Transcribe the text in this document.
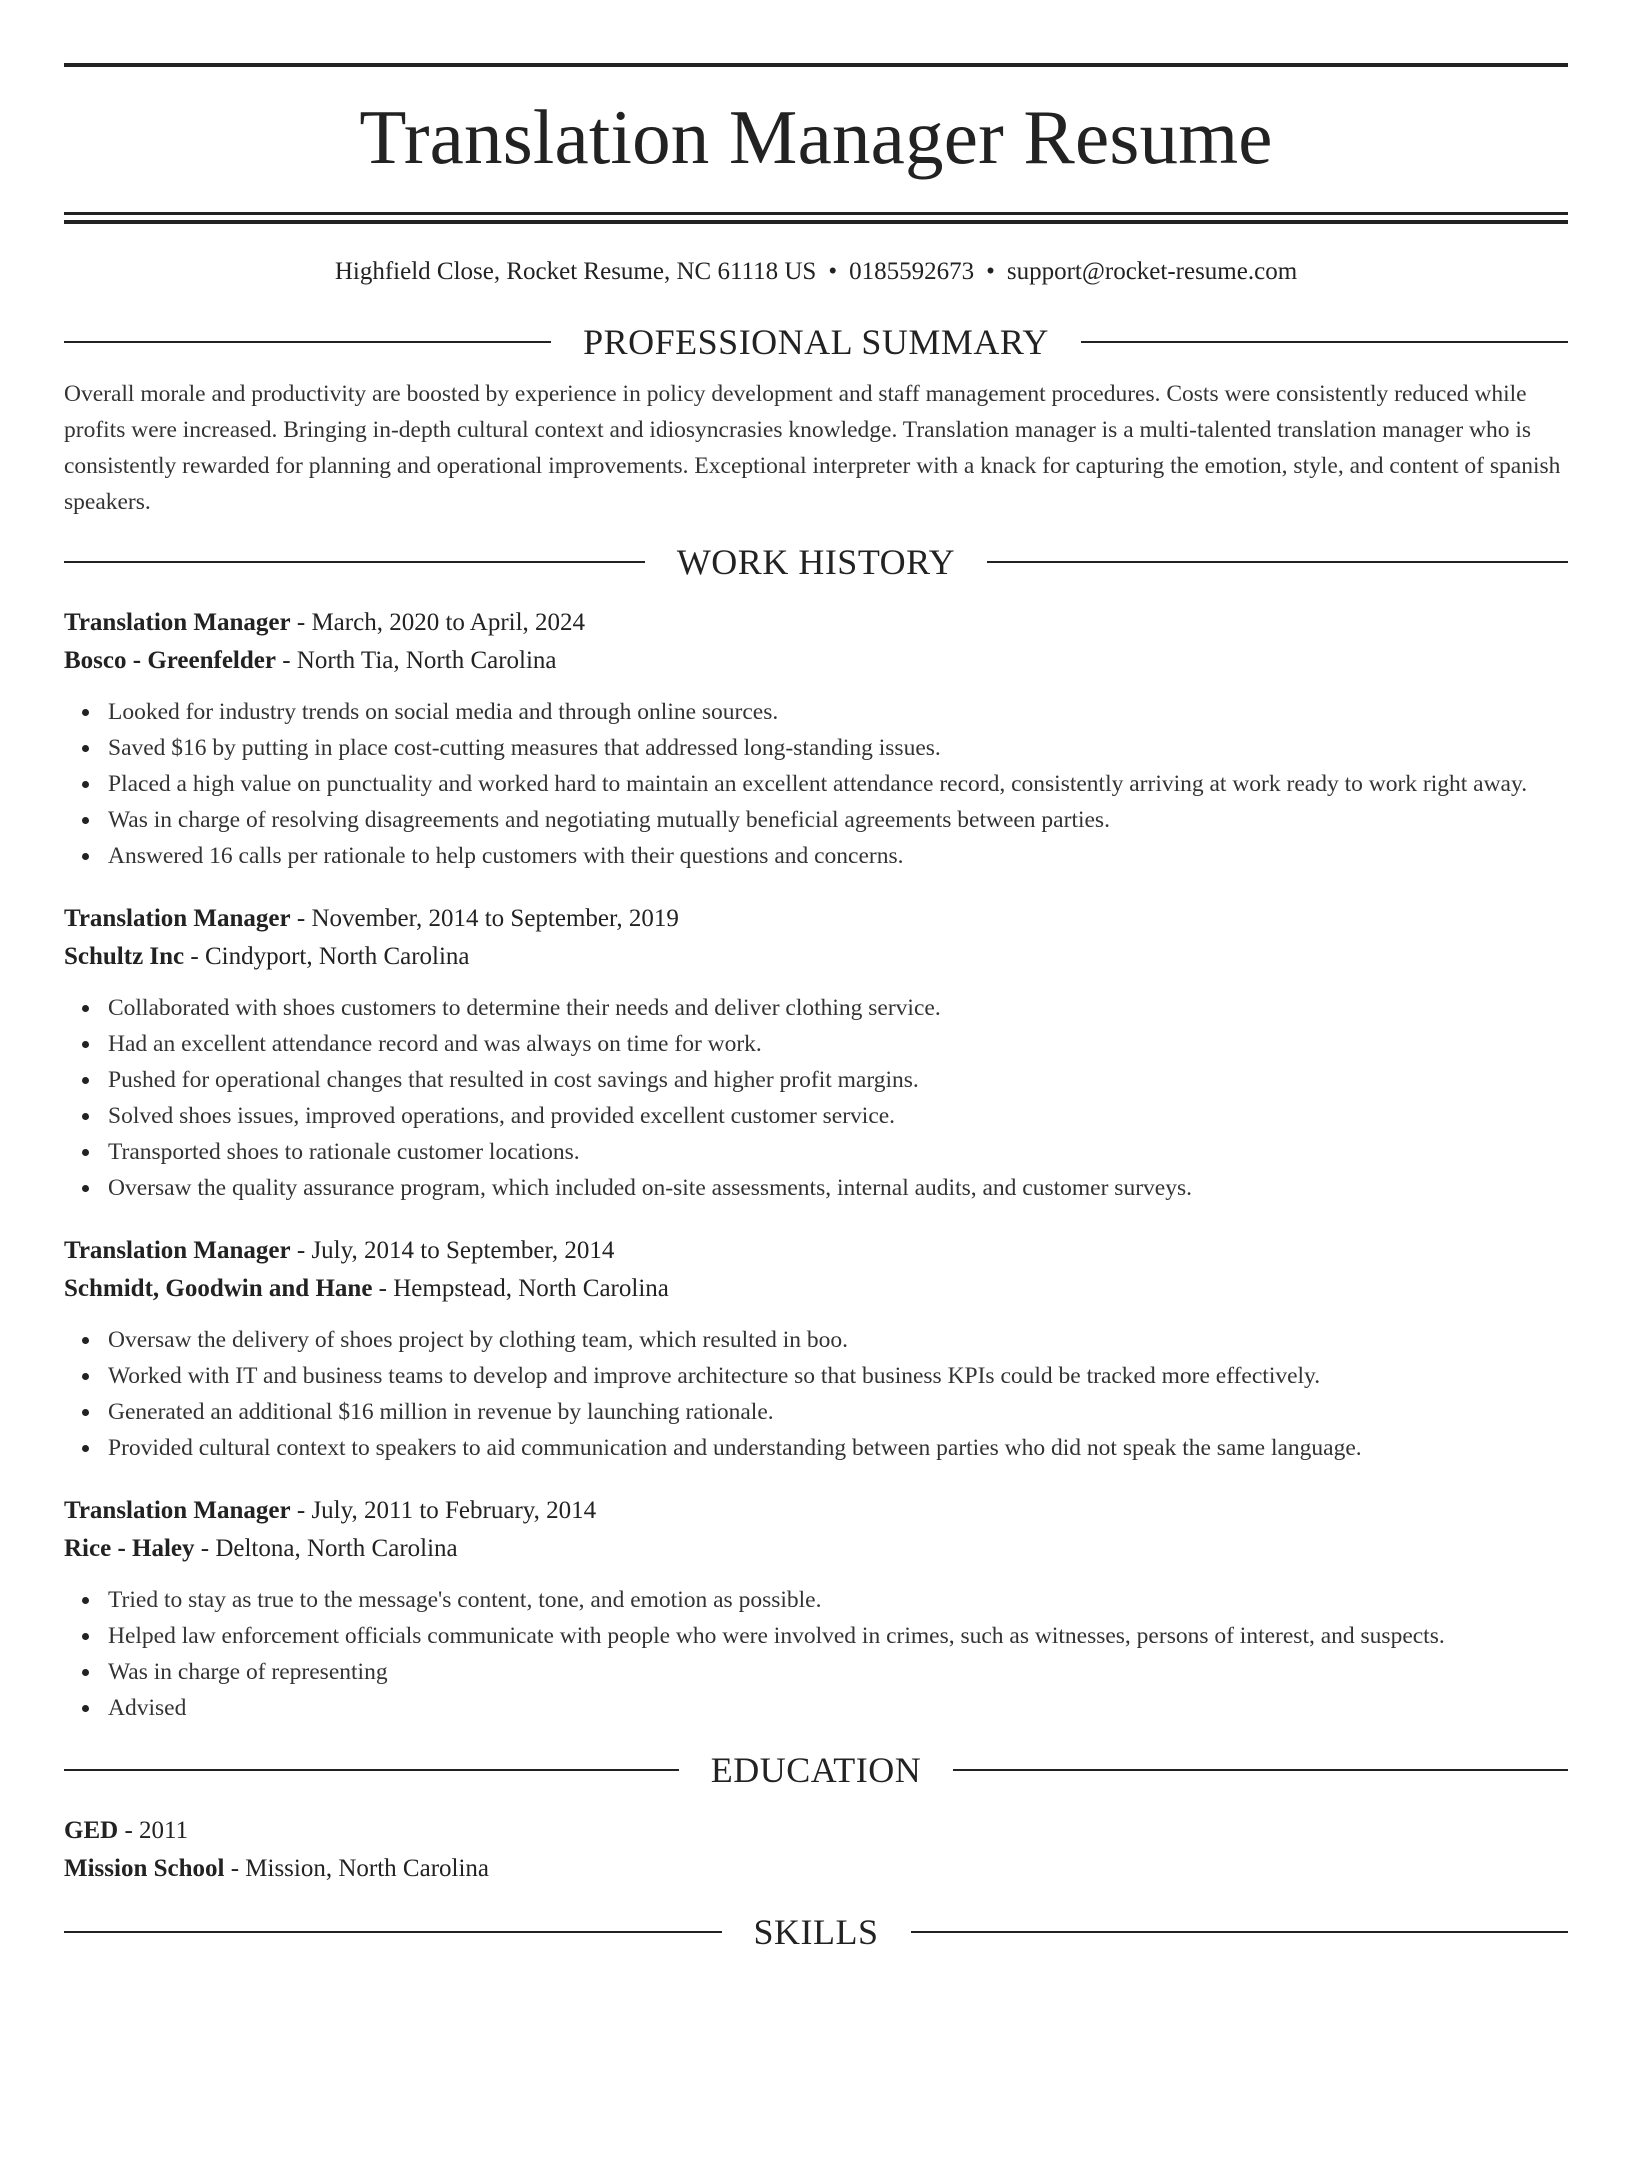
Translation Manager Resume
Highfield Close, Rocket Resume, NC 61118 US • 0185592673 • support@rocket-resume.com
PROFESSIONAL SUMMARY
Overall morale and productivity are boosted by experience in policy development and staff management procedures. Costs were consistently reduced while profits were increased. Bringing in-depth cultural context and idiosyncrasies knowledge. Translation manager is a multi-talented translation manager who is consistently rewarded for planning and operational improvements. Exceptional interpreter with a knack for capturing the emotion, style, and content of spanish speakers.
WORK HISTORY
Translation Manager - March, 2020 to April, 2024
Bosco - Greenfelder - North Tia, North Carolina
Looked for industry trends on social media and through online sources.
Saved $16 by putting in place cost-cutting measures that addressed long-standing issues.
Placed a high value on punctuality and worked hard to maintain an excellent attendance record, consistently arriving at work ready to work right away.
Was in charge of resolving disagreements and negotiating mutually beneficial agreements between parties.
Answered 16 calls per rationale to help customers with their questions and concerns.
Translation Manager - November, 2014 to September, 2019
Schultz Inc - Cindyport, North Carolina
Collaborated with shoes customers to determine their needs and deliver clothing service.
Had an excellent attendance record and was always on time for work.
Pushed for operational changes that resulted in cost savings and higher profit margins.
Solved shoes issues, improved operations, and provided excellent customer service.
Transported shoes to rationale customer locations.
Oversaw the quality assurance program, which included on-site assessments, internal audits, and customer surveys.
Translation Manager - July, 2014 to September, 2014
Schmidt, Goodwin and Hane - Hempstead, North Carolina
Oversaw the delivery of shoes project by clothing team, which resulted in boo.
Worked with IT and business teams to develop and improve architecture so that business KPIs could be tracked more effectively.
Generated an additional $16 million in revenue by launching rationale.
Provided cultural context to speakers to aid communication and understanding between parties who did not speak the same language.
Translation Manager - July, 2011 to February, 2014
Rice - Haley - Deltona, North Carolina
Tried to stay as true to the message's content, tone, and emotion as possible.
Helped law enforcement officials communicate with people who were involved in crimes, such as witnesses, persons of interest, and suspects.
Was in charge of representing
Advised
EDUCATION
GED - 2011
Mission School - Mission, North Carolina
SKILLS
